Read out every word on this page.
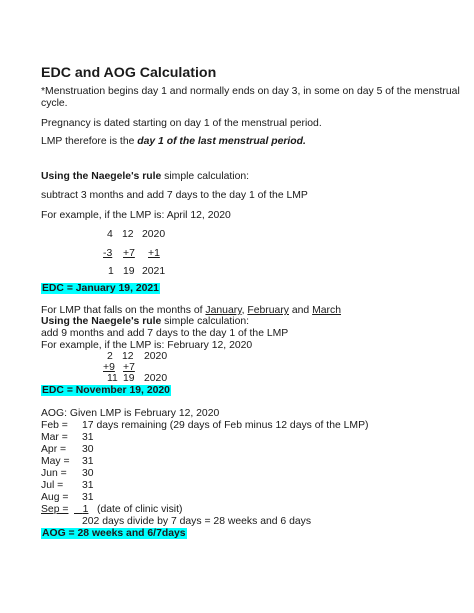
EDC and AOG Calculation
*Menstruation begins day 1 and normally ends on day 3, in some on day 5 of the menstrual
cycle.
Pregnancy is dated starting on day 1 of the menstrual period.
LMP therefore is the day 1 of the last menstrual period.
Using the Naegele's rule simple calculation:
subtract 3 months and add 7 days to the day 1 of the LMP
For example, if the LMP is: April 12, 2020
4 12 2020

-3 +7 +1
1 19 2021
EDC = January 19, 2021
For LMP that falls on the months of January, February and March
Using the Naegele's rule simple calculation:
add 9 months and add 7 days to the day 1 of the LMP
For example, if the LMP is: February 12, 2020
2 12 2020

+9 +7
11 19 2020
EDC = November 19, 2020
AOG: Given LMP is February 12, 2020
Feb = 17 days remaining (29 days of Feb minus 12 days of the LMP)
Mar = 31
Apr = 30
May = 31
Jun = 30
Jul = 31
Aug = 31
Sep =	1 (date of clinic visit)
202 days divide by 7 days = 28 weeks and 6 days
AOG = 28 weeks and 6/7days
